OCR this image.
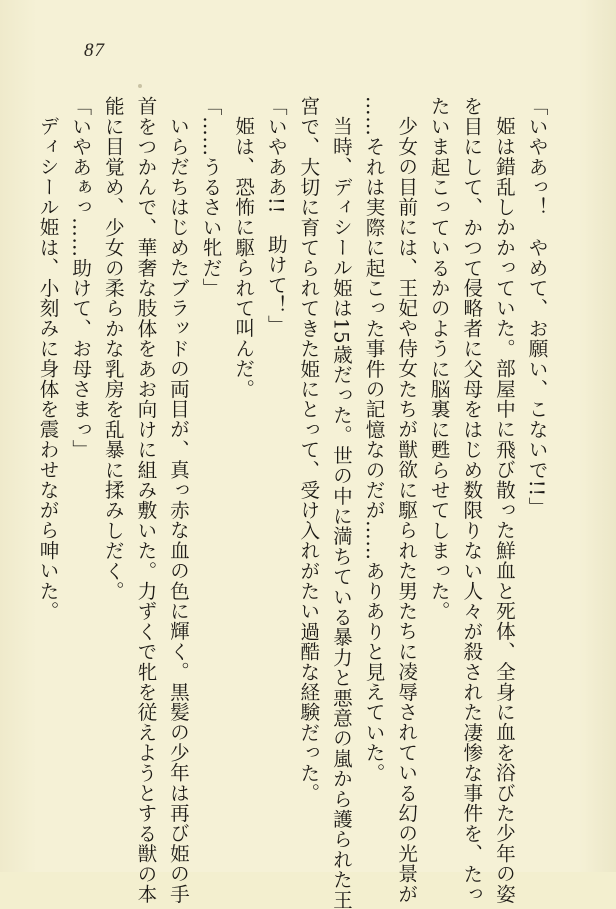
87
「いやあっ！　やめて、お願い、こないで!!」
姫は錯乱しかかっていた。部屋中に飛び散った鮮血と死体、全身に血を浴びた少年の姿
を目にして、かつて侵略者に父母をはじめ数限りない人々が殺された凄惨な事件を、たっ
たいま起こっているかのように脳裏に甦らせてしまった。
少女の目前には、王妃や侍女たちが獣欲に駆られた男たちに凌辱されている幻の光景が
……それは実際に起こった事件の記憶なのだが……ありありと見えていた。
当時、ディシール姫は15歳だった。世の中に満ちている暴力と悪意の嵐から護られた王
宮で、大切に育てられてきた姫にとって、受け入れがたい過酷な経験だった。
「いやああ!!　助けて！」
姫は、恐怖に駆られて叫んだ。
「……うるさい牝だ」
いらだちはじめたブラッドの両目が、真っ赤な血の色に輝く。黒髪の少年は再び姫の手
首をつかんで、華奢な肢体をあお向けに組み敷いた。力ずくで牝を従えようとする獣の本
能に目覚め、少女の柔らかな乳房を乱暴に揉みしだく。
「いやあぁっ……助けて、お母さまっ」
ディシール姫は、小刻みに身体を震わせながら呻いた。
